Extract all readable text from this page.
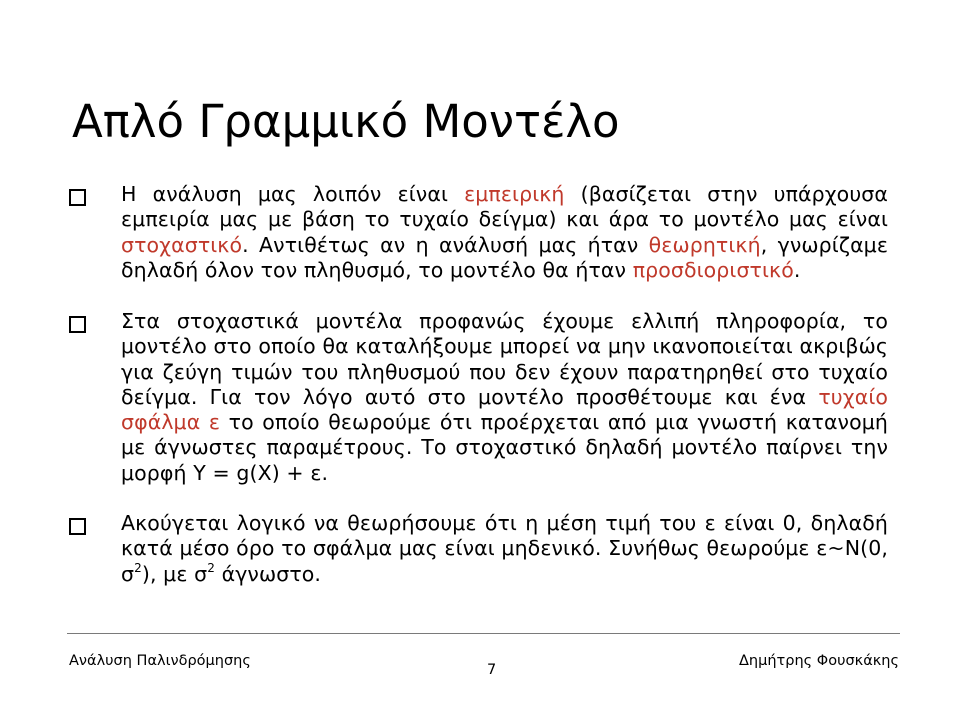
Απλό Γραμμικό Μοντέλο
Η ανάλυση μας λοιπόν είναι εμπειρική (βασίζεται στην υπάρχουσα εμπειρία μας με βάση το τυχαίο δείγμα) και άρα το μοντέλο μας είναι στοχαστικό. Αντιθέτως αν η ανάλυσή μας ήταν θεωρητική, γνωρίζαμε δηλαδή όλον τον πληθυσμό, το μοντέλο θα ήταν προσδιοριστικό.
Στα στοχαστικά μοντέλα προφανώς έχουμε ελλιπή πληροφορία, το μοντέλο στο οποίο θα καταλήξουμε μπορεί να μην ικανοποιείται ακριβώς για ζεύγη τιμών του πληθυσμού που δεν έχουν παρατηρηθεί στο τυχαίο δείγμα. Για τον λόγο αυτό στο μοντέλο προσθέτουμε και ένα τυχαίο σφάλμα ε το οποίο θεωρούμε ότι προέρχεται από μια γνωστή κατανομή με άγνωστες παραμέτρους. Το στοχαστικό δηλαδή μοντέλο παίρνει την μορφή Y = g(X) + ε.
Ακούγεται λογικό να θεωρήσουμε ότι η μέση τιμή του ε είναι 0, δηλαδή κατά μέσο όρο το σφάλμα μας είναι μηδενικό. Συνήθως θεωρούμε ε~N(0, $\sigma^2$), με $\sigma^2$ άγνωστο.
Ανάλυση Παλινδρόμησης
7
Δημήτρης Φουσκάκης
